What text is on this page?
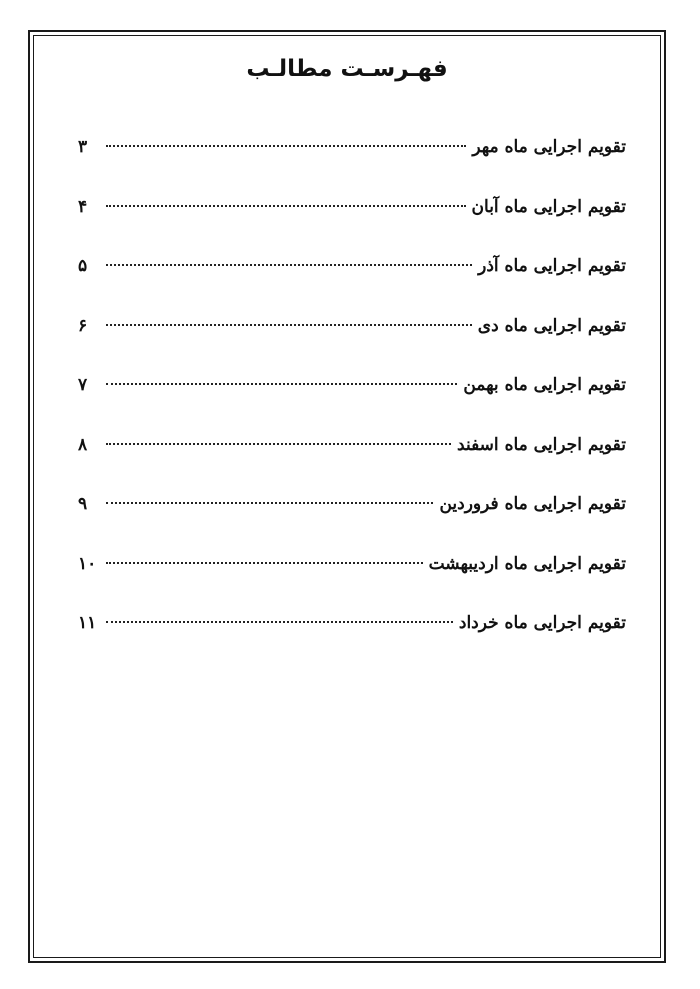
فهـرسـت مطالـب
تقویم اجرایی ماه مهر
۳
تقویم اجرایی ماه آبان
۴
تقویم اجرایی ماه آذر
۵
تقویم اجرایی ماه دی
۶
تقویم اجرایی ماه بهمن
۷
تقویم اجرایی ماه اسفند
۸
تقویم اجرایی ماه فروردین
۹
تقویم اجرایی ماه اردیبهشت
۱۰
تقویم اجرایی ماه خرداد
۱۱
